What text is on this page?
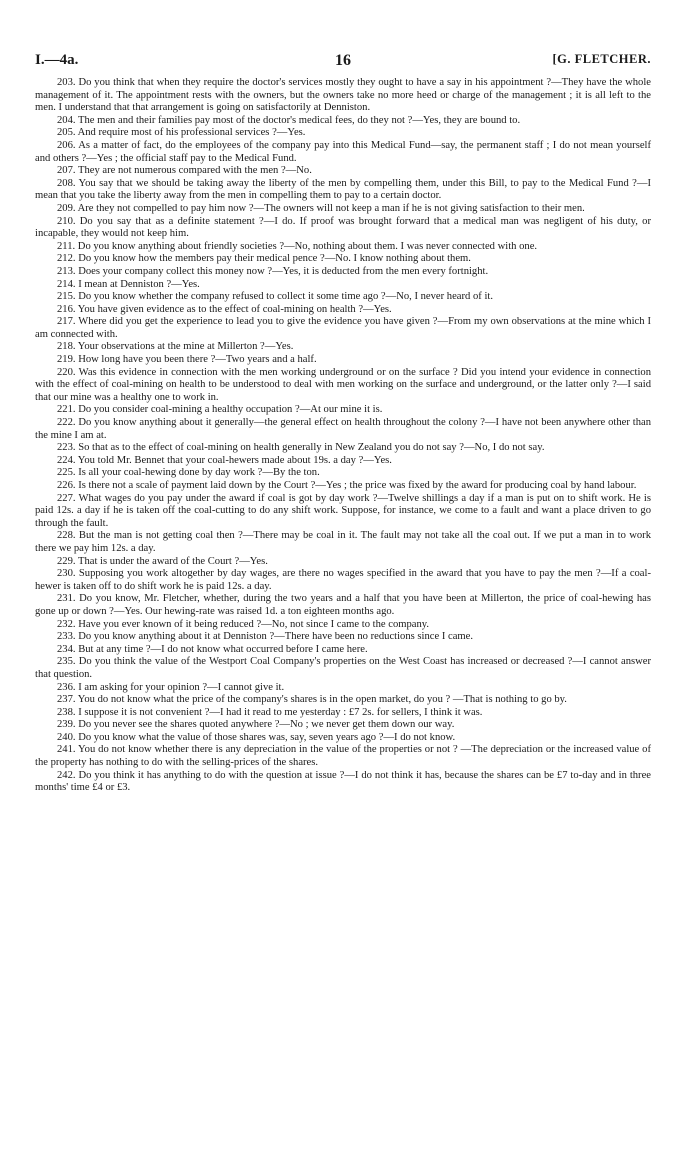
I.—4a.	16	[G. FLETCHER.

203. Do you think that when they require the doctor's services mostly they ought to have a say in his appointment ?—They have the whole management of it. The appointment rests with the owners, but the owners take no more heed or charge of the management ; it is all left to the men. I understand that that arrangement is going on satisfactorily at Denniston.

204. The men and their families pay most of the doctor's medical fees, do they not ?—Yes, they are bound to.

205. And require most of his professional services ?—Yes.

206. As a matter of fact, do the employees of the company pay into this Medical Fund—say, the permanent staff ; I do not mean yourself and others ?—Yes ; the official staff pay to the Medical Fund.

207. They are not numerous compared with the men ?—No.

208. You say that we should be taking away the liberty of the men by compelling them, under this Bill, to pay to the Medical Fund ?—I mean that you take the liberty away from the men in compelling them to pay to a certain doctor.

209. Are they not compelled to pay him now ?—The owners will not keep a man if he is not giving satisfaction to their men.

210. Do you say that as a definite statement ?—I do. If proof was brought forward that a medical man was negligent of his duty, or incapable, they would not keep him.

211. Do you know anything about friendly societies ?—No, nothing about them. I was never connected with one.

212. Do you know how the members pay their medical pence ?—No. I know nothing about them.

213. Does your company collect this money now ?—Yes, it is deducted from the men every fortnight.

214. I mean at Denniston ?—Yes.

215. Do you know whether the company refused to collect it some time ago ?—No, I never heard of it.

216. You have given evidence as to the effect of coal-mining on health ?—Yes.

217. Where did you get the experience to lead you to give the evidence you have given ?—From my own observations at the mine which I am connected with.

218. Your observations at the mine at Millerton ?—Yes.

219. How long have you been there ?—Two years and a half.

220. Was this evidence in connection with the men working underground or on the surface ? Did you intend your evidence in connection with the effect of coal-mining on health to be understood to deal with men working on the surface and underground, or the latter only ?—I said that our mine was a healthy one to work in.

221. Do you consider coal-mining a healthy occupation ?—At our mine it is.

222. Do you know anything about it generally—the general effect on health throughout the colony ?—I have not been anywhere other than the mine I am at.

223. So that as to the effect of coal-mining on health generally in New Zealand you do not say ?—No, I do not say.

224. You told Mr. Bennet that your coal-hewers made about 19s. a day ?—Yes.

225. Is all your coal-hewing done by day work ?—By the ton.

226. Is there not a scale of payment laid down by the Court ?—Yes ; the price was fixed by the award for producing coal by hand labour.

227. What wages do you pay under the award if coal is got by day work ?—Twelve shillings a day if a man is put on to shift work. He is paid 12s. a day if he is taken off the coal-cutting to do any shift work. Suppose, for instance, we come to a fault and want a place driven to go through the fault.

228. But the man is not getting coal then ?—There may be coal in it. The fault may not take all the coal out. If we put a man in to work there we pay him 12s. a day.

229. That is under the award of the Court ?—Yes.

230. Supposing you work altogether by day wages, are there no wages specified in the award that you have to pay the men ?—If a coal-hewer is taken off to do shift work he is paid 12s. a day.

231. Do you know, Mr. Fletcher, whether, during the two years and a half that you have been at Millerton, the price of coal-hewing has gone up or down ?—Yes. Our hewing-rate was raised 1d. a ton eighteen months ago.

232. Have you ever known of it being reduced ?—No, not since I came to the company.

233. Do you know anything about it at Denniston ?—There have been no reductions since I came.

234. But at any time ?—I do not know what occurred before I came here.

235. Do you think the value of the Westport Coal Company's properties on the West Coast has increased or decreased ?—I cannot answer that question.

236. I am asking for your opinion ?—I cannot give it.

237. You do not know what the price of the company's shares is in the open market, do you ? —That is nothing to go by.

238. I suppose it is not convenient ?—I had it read to me yesterday : £7 2s. for sellers, I think it was.

239. Do you never see the shares quoted anywhere ?—No ; we never get them down our way.

240. Do you know what the value of those shares was, say, seven years ago ?—I do not know.

241. You do not know whether there is any depreciation in the value of the properties or not ? —The depreciation or the increased value of the property has nothing to do with the selling-prices of the shares.

242. Do you think it has anything to do with the question at issue ?—I do not think it has, because the shares can be £7 to-day and in three months' time £4 or £3.
